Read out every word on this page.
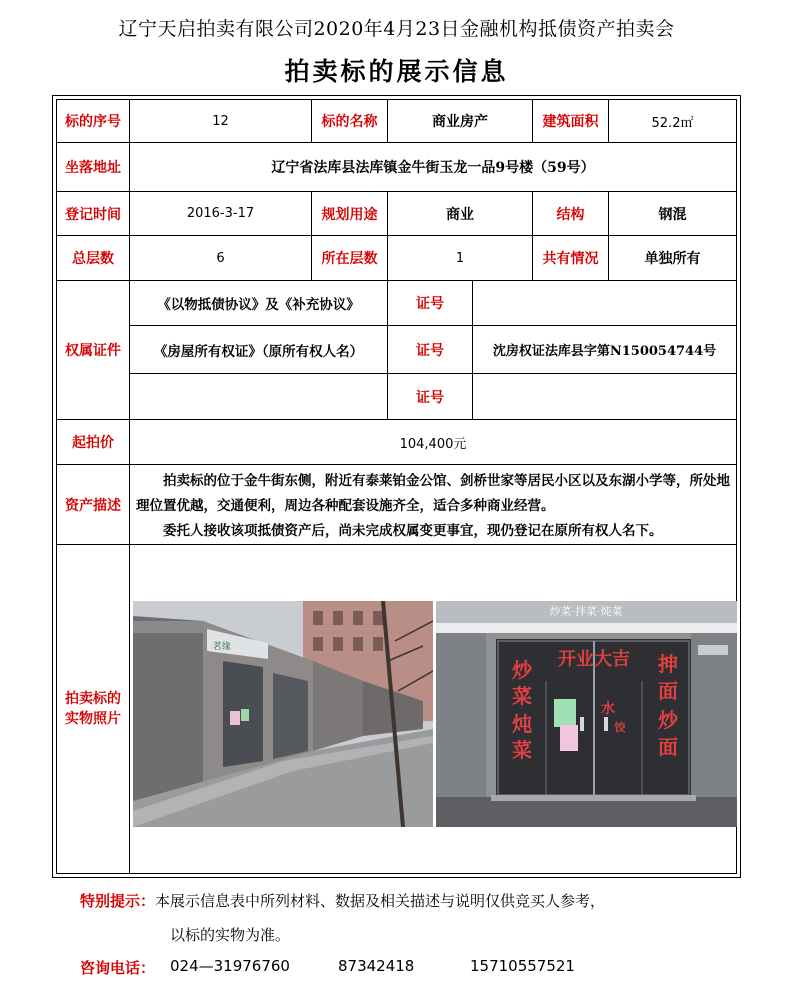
辽宁天启拍卖有限公司2020年4月23日金融机构抵债资产拍卖会
拍卖标的展示信息
标的序号	12	标的名称	商业房产	建筑面积	52.2㎡
坐落地址	辽宁省法库县法库镇金牛街玉龙一品9号楼（59号）
登记时间	2016-3-17	规划用途	商业	结构	钢混
总层数	6	所在层数	1	共有情况	单独所有
权属证件
《以物抵债协议》及《补充协议》	证号
《房屋所有权证》（原所有权人名）	证号	沈房权证法库县字第N150054744号
证号
起拍价	104,400元
资产描述

拍卖标的位于金牛街东侧，附近有泰莱铂金公馆、剑桥世家等居民小区以及东湖小学等，所处地理位置优越，交通便利，周边各种配套设施齐全，适合多种商业经营。

委托人接收该项抵债资产后，尚未完成权属变更事宜，现仍登记在原所有权人名下。

拍卖标的
实物照片
茗缘
炒菜·拌菜·炖菜
开业大吉
炒
菜
炖
菜
抻
面
炒
面
水
饺
特别提示：本展示信息表中所列材料、数据及相关描述与说明仅供竞买人参考，
以标的实物为准。
咨询电话： 024—31976760	87342418	15710557521
